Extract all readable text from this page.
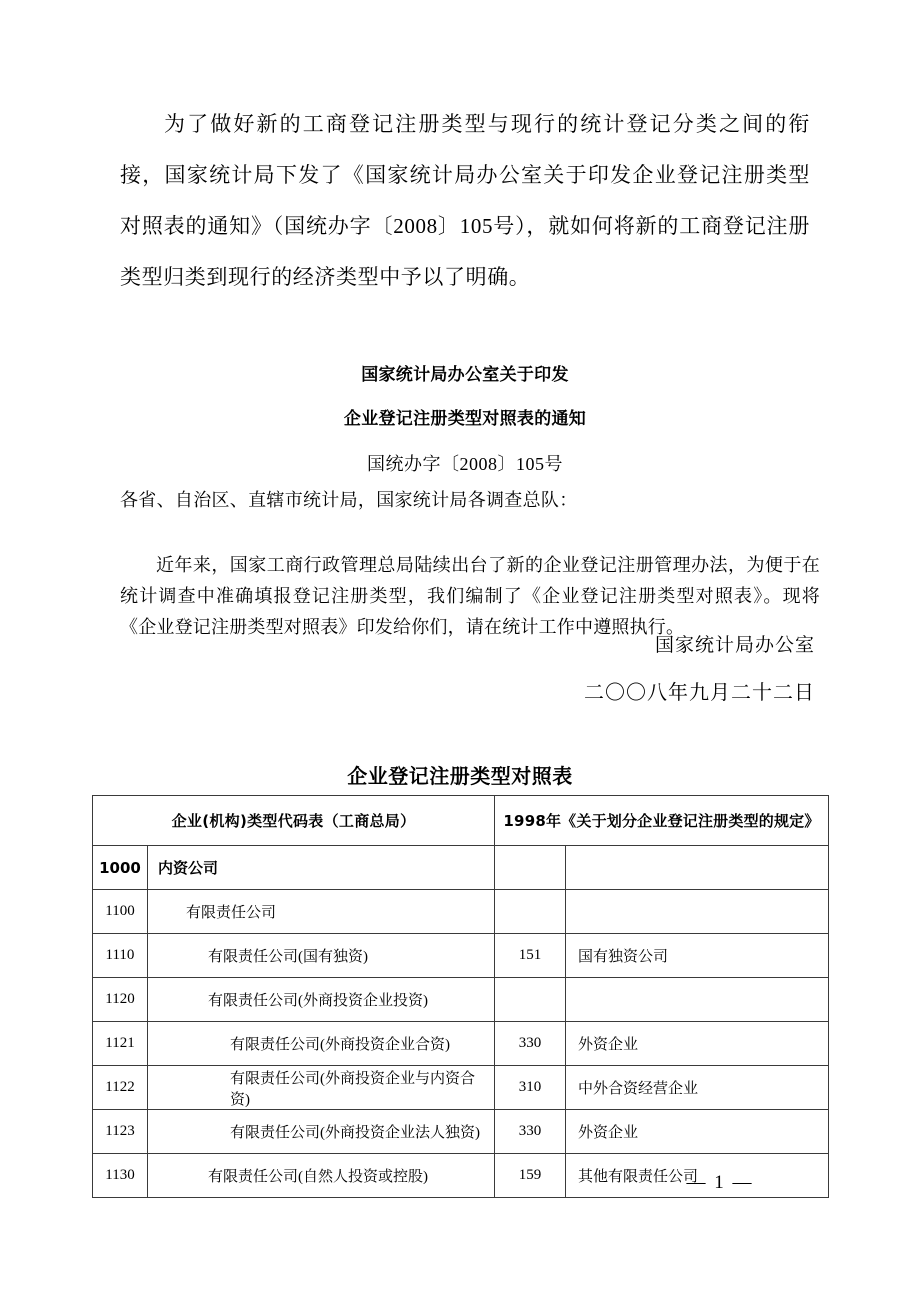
为了做好新的工商登记注册类型与现行的统计登记分类之间的衔接，国家统计局下发了《国家统计局办公室关于印发企业登记注册类型对照表的通知》（国统办字〔2008〕105号），就如何将新的工商登记注册类型归类到现行的经济类型中予以了明确。

国家统计局办公室关于印发
企业登记注册类型对照表的通知
国统办字〔2008〕105号
各省、自治区、直辖市统计局，国家统计局各调查总队：

近年来，国家工商行政管理总局陆续出台了新的企业登记注册管理办法，为便于在统计调查中准确填报登记注册类型，我们编制了《企业登记注册类型对照表》。现将《企业登记注册类型对照表》印发给你们，请在统计工作中遵照执行。

国家统计局办公室
二〇〇八年九月二十二日
企业登记注册类型对照表
企业(机构)类型代码表（工商总局）		1998年《关于划分企业登记注册类型的规定》	
1000	内资公司		
1100	有限责任公司		
1110	有限责任公司(国有独资)	151	国有独资公司
1120	有限责任公司(外商投资企业投资)		
1121	有限责任公司(外商投资企业合资)	330	外资企业
1122	有限责任公司(外商投资企业与内资合资)	310	中外合资经营企业
1123	有限责任公司(外商投资企业法人独资)	330	外资企业
1130	有限责任公司(自然人投资或控股)	159	其他有限责任公司
— 1 —
